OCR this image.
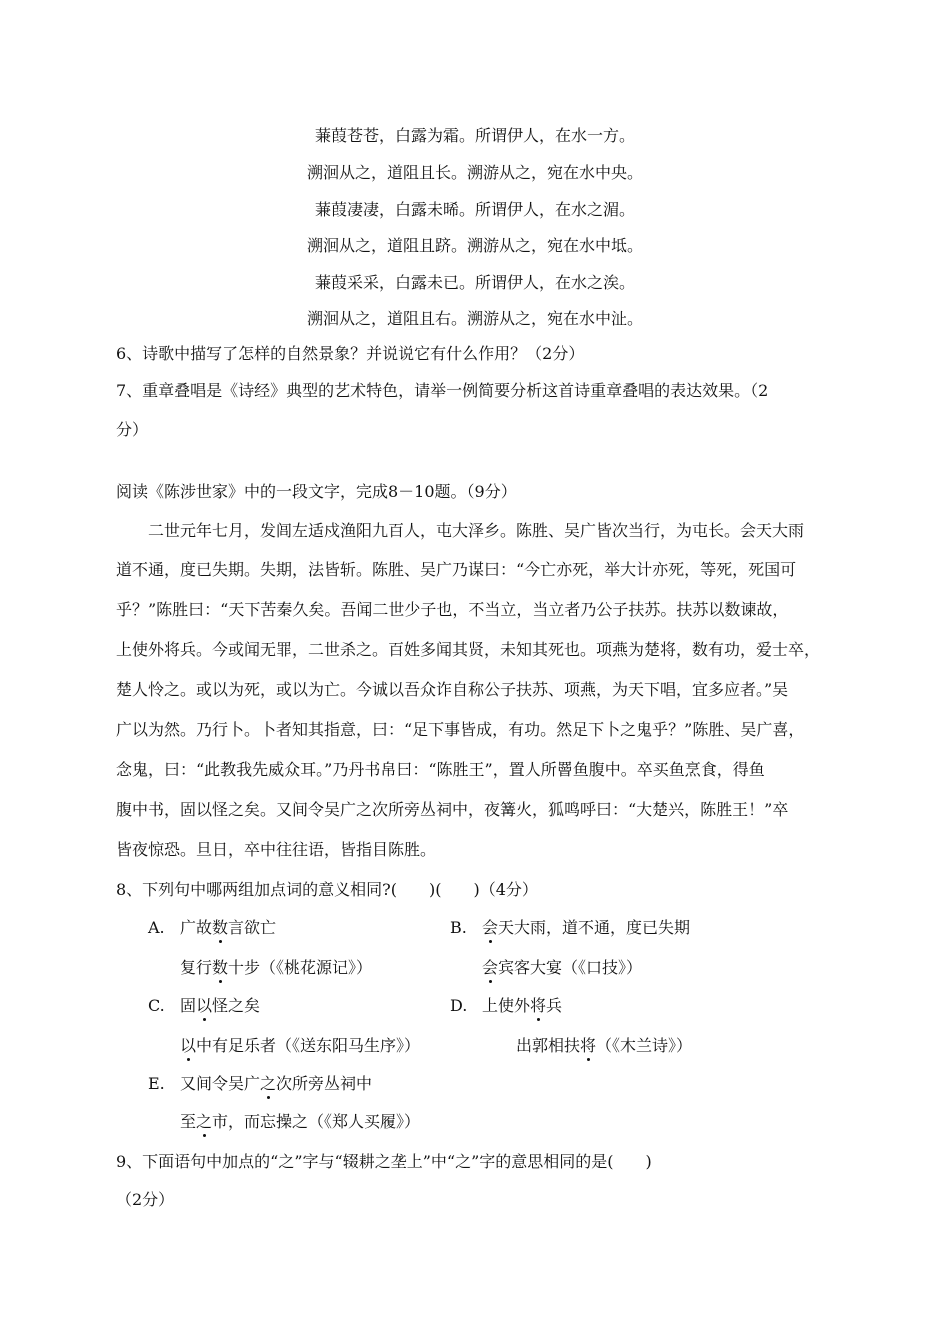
蒹葭苍苍，白露为霜。所谓伊人，在水一方。
溯洄从之，道阻且长。溯游从之，宛在水中央。
蒹葭凄凄，白露未晞。所谓伊人，在水之湄。
溯洄从之，道阻且跻。溯游从之，宛在水中坻。
蒹葭采采，白露未已。所谓伊人，在水之涘。
溯洄从之，道阻且右。溯游从之，宛在水中沚。
6、诗歌中描写了怎样的自然景象？并说说它有什么作用？（2分）
7、重章叠唱是《诗经》典型的艺术特色，请举一例简要分析这首诗重章叠唱的表达效果。（2
分）
阅读《陈涉世家》中的一段文字，完成8－10题。（9分）
二世元年七月，发闾左适戍渔阳九百人，屯大泽乡。陈胜、吴广皆次当行，为屯长。会天大雨
道不通，度已失期。失期，法皆斩。陈胜、吴广乃谋曰：“今亡亦死，举大计亦死，等死，死国可
乎？”陈胜曰：“天下苦秦久矣。吾闻二世少子也，不当立，当立者乃公子扶苏。扶苏以数谏故，
上使外将兵。今或闻无罪，二世杀之。百姓多闻其贤，未知其死也。项燕为楚将，数有功，爱士卒，
楚人怜之。或以为死，或以为亡。今诚以吾众诈自称公子扶苏、项燕，为天下唱，宜多应者。”吴
广以为然。乃行卜。卜者知其指意，曰：“足下事皆成，有功。然足下卜之鬼乎？”陈胜、吴广喜，
念鬼，曰：“此教我先威众耳。”乃丹书帛曰：“陈胜王”，置人所罾鱼腹中。卒买鱼烹食，得鱼
腹中书，固以怪之矣。又间令吴广之次所旁丛祠中，夜篝火，狐鸣呼曰：“大楚兴，陈胜王！”卒
皆夜惊恐。旦日，卒中往往语，皆指目陈胜。
8、下列句中哪两组加点词的意义相同?(　　)(　　)（4分）
A. 广故数言欲亡
复行数十步（《桃花源记》）
B. 会天大雨，道不通，度已失期
会宾客大宴（《口技》）
C. 固以怪之矣
以中有足乐者（《送东阳马生序》）
D. 上使外将兵
出郭相扶将（《木兰诗》）
E. 又间令吴广之次所旁丛祠中
至之市，而忘操之（《郑人买履》）
9、下面语句中加点的“之”字与“辍耕之垄上”中“之”字的意思相同的是(　　)
（2分）
